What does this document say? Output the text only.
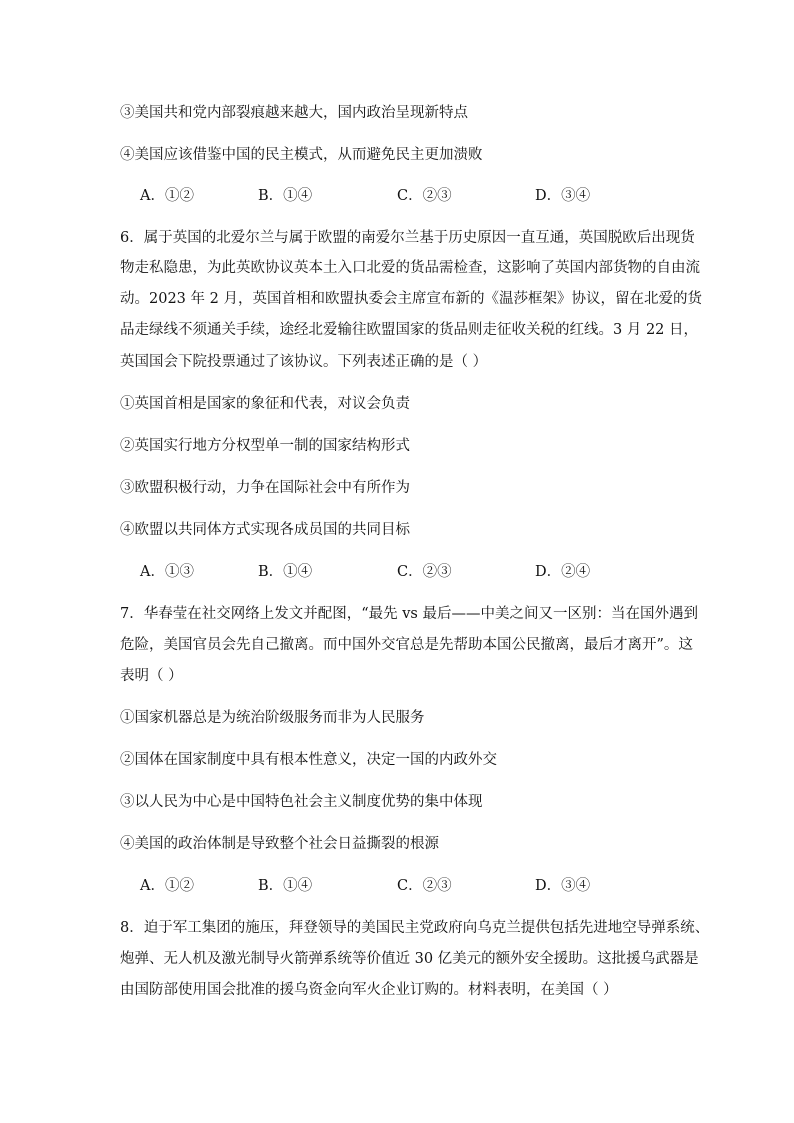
③美国共和党内部裂痕越来越大，国内政治呈现新特点
④美国应该借鉴中国的民主模式，从而避免民主更加溃败
A．①②	B．①④	C．②③	D．③④
6．属于英国的北爱尔兰与属于欧盟的南爱尔兰基于历史原因一直互通，英国脱欧后出现货
物走私隐患，为此英欧协议英本土入口北爱的货品需检查，这影响了英国内部货物的自由流
动。2023 年 2 月，英国首相和欧盟执委会主席宣布新的《温莎框架》协议，留在北爱的货
品走绿线不须通关手续，途经北爱输往欧盟国家的货品则走征收关税的红线。3 月 22 日，
英国国会下院投票通过了该协议。下列表述正确的是（ ）
①英国首相是国家的象征和代表，对议会负责
②英国实行地方分权型单一制的国家结构形式
③欧盟积极行动，力争在国际社会中有所作为
④欧盟以共同体方式实现各成员国的共同目标
A．①③	B．①④	C．②③	D．②④
7．华春莹在社交网络上发文并配图，“最先 vs 最后——中美之间又一区别：当在国外遇到
危险，美国官员会先自己撤离。而中国外交官总是先帮助本国公民撤离，最后才离开”。这
表明（ ）
①国家机器总是为统治阶级服务而非为人民服务
②国体在国家制度中具有根本性意义，决定一国的内政外交
③以人民为中心是中国特色社会主义制度优势的集中体现
④美国的政治体制是导致整个社会日益撕裂的根源
A．①②	B．①④	C．②③	D．③④
8．迫于军工集团的施压，拜登领导的美国民主党政府向乌克兰提供包括先进地空导弹系统、
炮弹、无人机及激光制导火箭弹系统等价值近 30 亿美元的额外安全援助。这批援乌武器是
由国防部使用国会批准的援乌资金向军火企业订购的。材料表明，在美国（ ）
